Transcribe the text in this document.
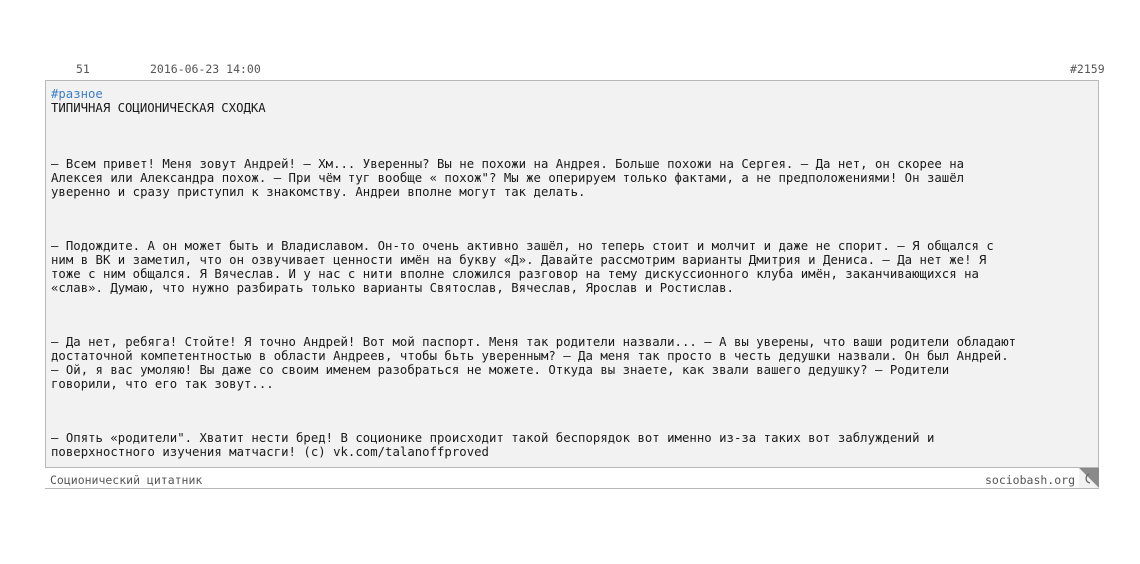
51	2016-06-23 14:00	#2159
#разное
ТИПИЧНАЯ СОЦИОНИЧЕСКАЯ СХОДКА

– Всем привет! Меня зовут Андрей! – Хм... Уверенны? Вы не похожи на Андрея. Больше похожи на Сергея. – Да нет, он скорее на
Алексея или Александра похож. – При чём туг вообще « похож"? Мы же оперируем только фактами, а не предположениями! Он зашёл
уверенно и сразу приступил к знакомству. Андреи вполне могут так делать.

– Подождите. А он может быть и Владиславом. Он-то очень активно зашёл, но теперь стоит и молчит и даже не спорит. – Я общался с
ним в ВК и заметил, что он озвучивает ценности имён на букву «Д». Давайте рассмотрим варианты Дмитрия и Дениса. – Да нет же! Я
тоже с ним общался. Я Вячеслав. И у нас с нити вполне сложился разговор на тему дискуссионного клуба имён, заканчивающихся на
«слав». Думаю, что нужно разбирать только варианты Святослав, Вячеслав, Ярослав и Ростислав.

– Да нет, ребяга! Стойте! Я точно Андрей! Вот мой паспорт. Меня так родители назвали... – А вы уверены, что ваши родители обладают
достаточной компетентностью в области Андреев, чтобы бьть уверенным? – Да меня так просто в честь дедушки назвали. Он был Андрей.
– Ой, я вас умоляю! Вы даже со своим именем разобраться не можете. Откуда вы знаете, как звали вашего дедушку? – Родители
говорили, что его так зовут...

– Опять «родители". Хватит нести бред! В соционике происходит такой беспорядок вот именно из-за таких вот заблуждений и
поверхностного изучения матчасги! (c) vk.com/talanoffproved

Соционический цитатник	sociobash.org
